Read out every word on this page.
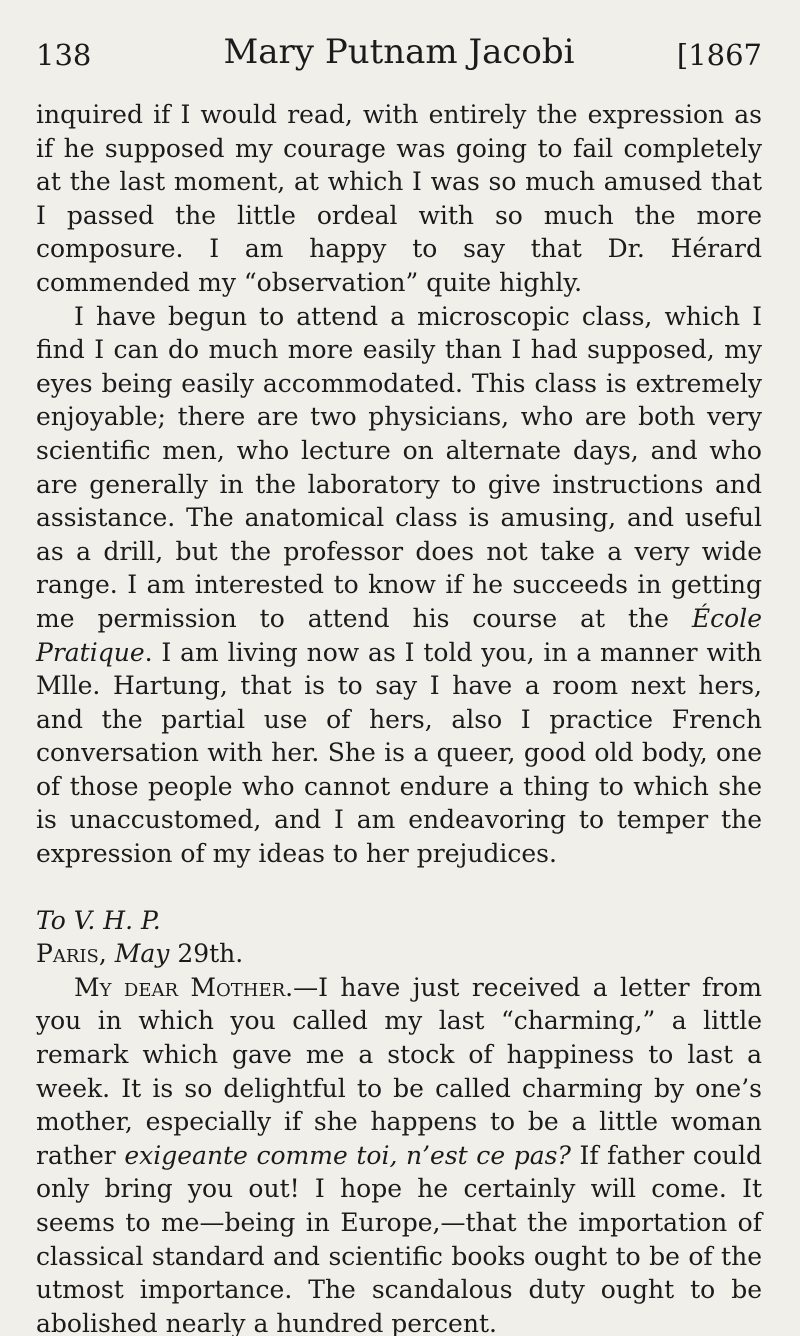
138	Mary Putnam Jacobi	[1867

inquired if I would read, with entirely the expression as if he supposed my courage was going to fail completely at the last moment, at which I was so much amused that I passed the little ordeal with so much the more composure. I am happy to say that Dr. Hérard commended my “observation” quite highly.

I have begun to attend a microscopic class, which I find I can do much more easily than I had supposed, my eyes being easily accommodated. This class is extremely enjoyable; there are two physicians, who are both very scientific men, who lecture on alternate days, and who are generally in the laboratory to give instructions and assistance. The anatomical class is amusing, and useful as a drill, but the professor does not take a very wide range. I am interested to know if he succeeds in getting me permission to attend his course at the École Pratique. I am living now as I told you, in a manner with Mlle. Hartung, that is to say I have a room next hers, and the partial use of hers, also I practice French conversation with her. She is a queer, good old body, one of those people who cannot endure a thing to which she is unaccustomed, and I am endeavoring to temper the expression of my ideas to her prejudices.

To V. H. P.

Paris, May 29th.

My dear Mother.—I have just received a letter from you in which you called my last “charming,” a little remark which gave me a stock of happiness to last a week. It is so delightful to be called charming by one’s mother, especially if she happens to be a little woman rather exigeante comme toi, n’est ce pas? If father could only bring you out! I hope he certainly will come. It seems to me—being in Europe,—that the importation of classical standard and scientific books ought to be of the utmost importance. The scandalous duty ought to be abolished nearly a hundred percent.
